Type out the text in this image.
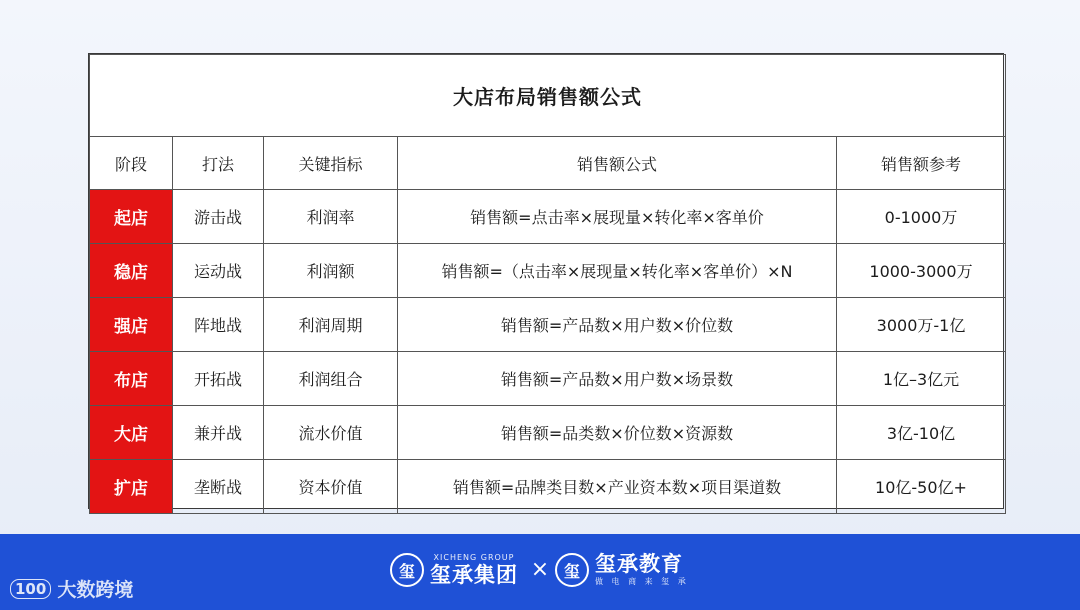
大店布局销售额公式				
阶段	打法	关键指标	销售额公式	销售额参考
起店	游击战	利润率	销售额=点击率×展现量×转化率×客单价	0-1000万
稳店	运动战	利润额	销售额=（点击率×展现量×转化率×客单价）×N	1000-3000万
强店	阵地战	利润周期	销售额=产品数×用户数×价位数	3000万-1亿
布店	开拓战	利润组合	销售额=产品数×用户数×场景数	1亿–3亿元
大店	兼并战	流水价值	销售额=品类数×价位数×资源数	3亿-10亿
扩店	垄断战	资本价值	销售额=品牌类目数×产业资本数×项目渠道数	10亿-50亿+
玺
XICHENG GROUP
玺承集团 × 玺 玺承教育
做 电 商 来 玺 承
100 大数跨境
